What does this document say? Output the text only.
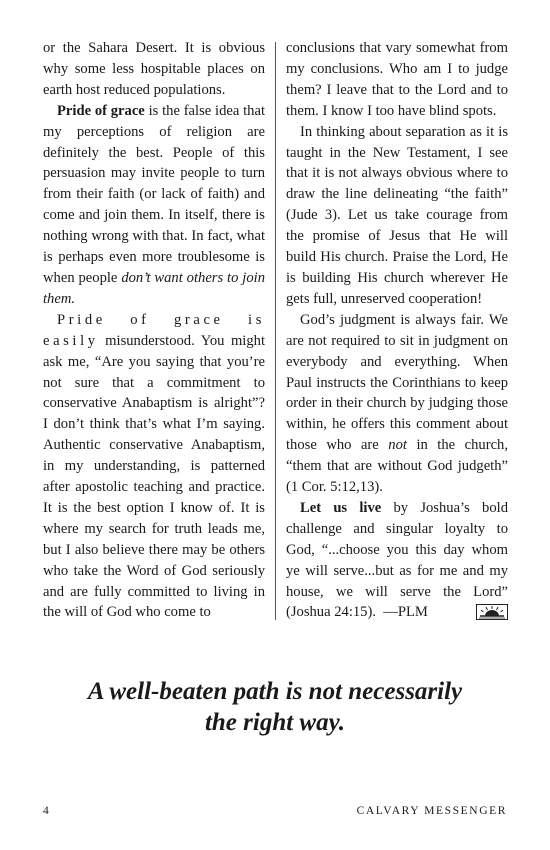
or the Sahara Desert. It is obvious why some less hospitable places on earth host reduced populations.

Pride of grace is the false idea that my perceptions of religion are definitely the best. People of this persuasion may invite people to turn from their faith (or lack of faith) and come and join them. In itself, there is nothing wrong with that. In fact, what is perhaps even more troublesome is when people don’t want others to join them.

Pride of grace is easily misunderstood. You might ask me, “Are you saying that you’re not sure that a commitment to conservative Anabaptism is alright”? I don’t think that’s what I’m saying. Authentic conservative Anabaptism, in my understanding, is patterned after apostolic teaching and practice. It is the best option I know of. It is where my search for truth leads me, but I also believe there may be others who take the Word of God seriously and are fully committed to living in the will of God who come to

conclusions that vary somewhat from my conclusions. Who am I to judge them? I leave that to the Lord and to them. I know I too have blind spots.

In thinking about separation as it is taught in the New Testament, I see that it is not always obvious where to draw the line delineating “the faith” (Jude 3). Let us take courage from the promise of Jesus that He will build His church. Praise the Lord, He is building His church wherever He gets full, unreserved cooperation!

God’s judgment is always fair. We are not required to sit in judgment on everybody and everything. When Paul instructs the Corinthians to keep order in their church by judging those within, he offers this comment about those who are not in the church, “them that are without God judgeth” (1 Cor. 5:12,13).

Let us live by Joshua’s bold challenge and singular loyalty to God, “...choose you this day whom ye will serve...but as for me and my house, we will serve the Lord” (Joshua 24:15). —PLM

A well-beaten path is not necessarily
the right way.
4	CALVARY MESSENGER
